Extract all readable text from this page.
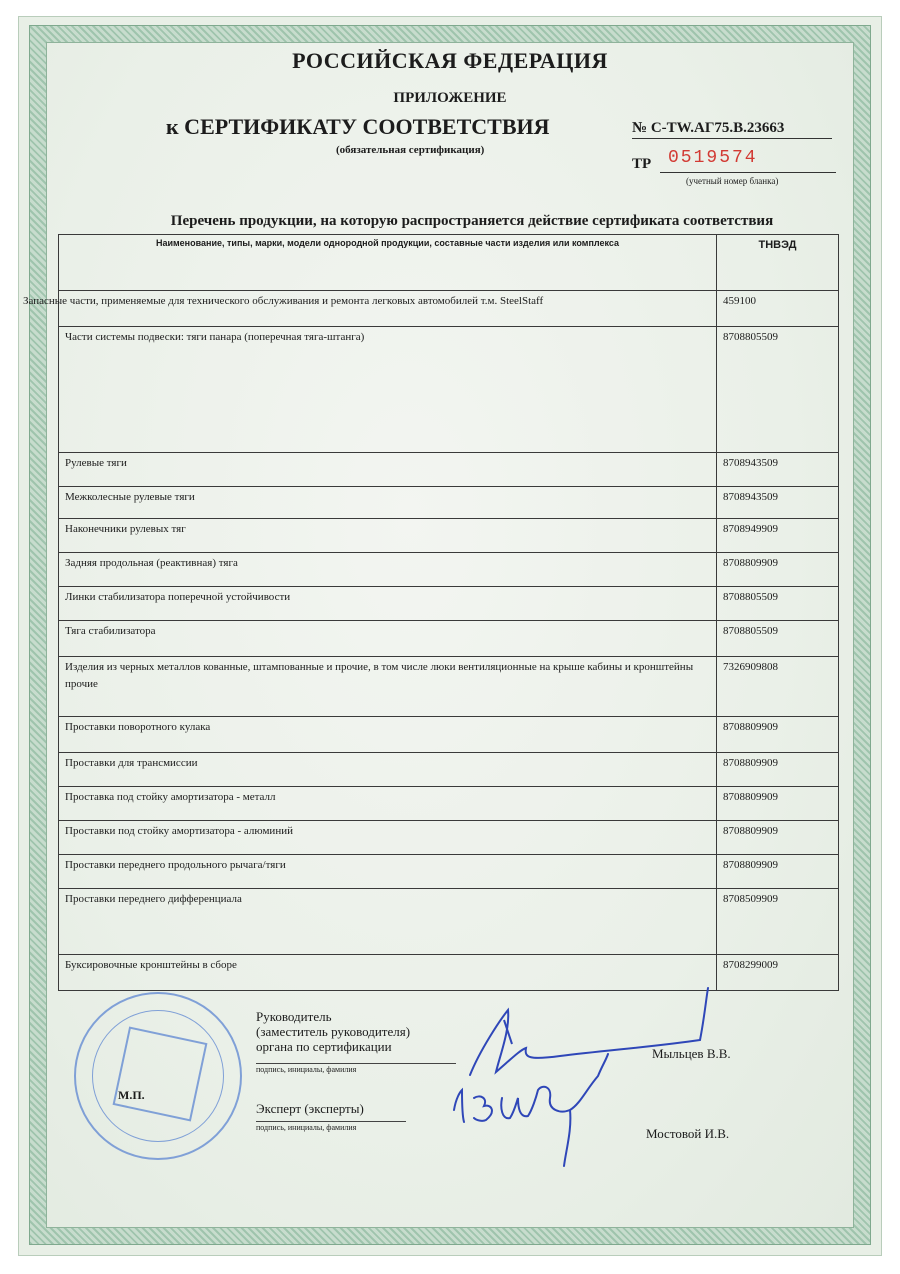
РОССИЙСКАЯ ФЕДЕРАЦИЯ
ПРИЛОЖЕНИЕ
к СЕРТИФИКАТУ СООТВЕТСТВИЯ	№ С-TW.АГ75.В.23663
(обязательная сертификация)
ТР 0519574
(учетный номер бланка)
Перечень продукции, на которую распространяется действие сертификата соответствия
Наименование, типы, марки, модели однородной продукции, составные части изделия или комплекса	ТНВЭД

Запасные части, применяемые для технического обслуживания и ремонта легковых автомобилей т.м. SteelStaff	459100
Части системы подвески: тяги панара (поперечная тяга-штанга)	8708805509
Рулевые тяги	8708943509
Межколесные рулевые тяги	8708943509
Наконечники рулевых тяг	8708949909
Задняя продольная (реактивная) тяга	8708809909
Линки стабилизатора поперечной устойчивости	8708805509
Тяга стабилизатора	8708805509
Изделия из черных металлов кованные, штампованные и прочие, в том числе люки вентиляционные на крыше кабины и кронштейны прочие	7326909808
Проставки поворотного кулака	8708809909
Проставки для трансмиссии	8708809909
Проставка под стойку амортизатора - металл	8708809909
Проставки под стойку амортизатора - алюминий	8708809909
Проставки переднего продольного рычага/тяги	8708809909
Проставки переднего дифференциала	8708509909
Буксировочные кронштейны в сборе	8708299009
Руководитель
(заместитель руководителя)
органа по сертификации
подпись, инициалы, фамилия
Мыльцев В.В.
М.П.
Эксперт (эксперты)
подпись, инициалы, фамилия	Мостовой И.В.
